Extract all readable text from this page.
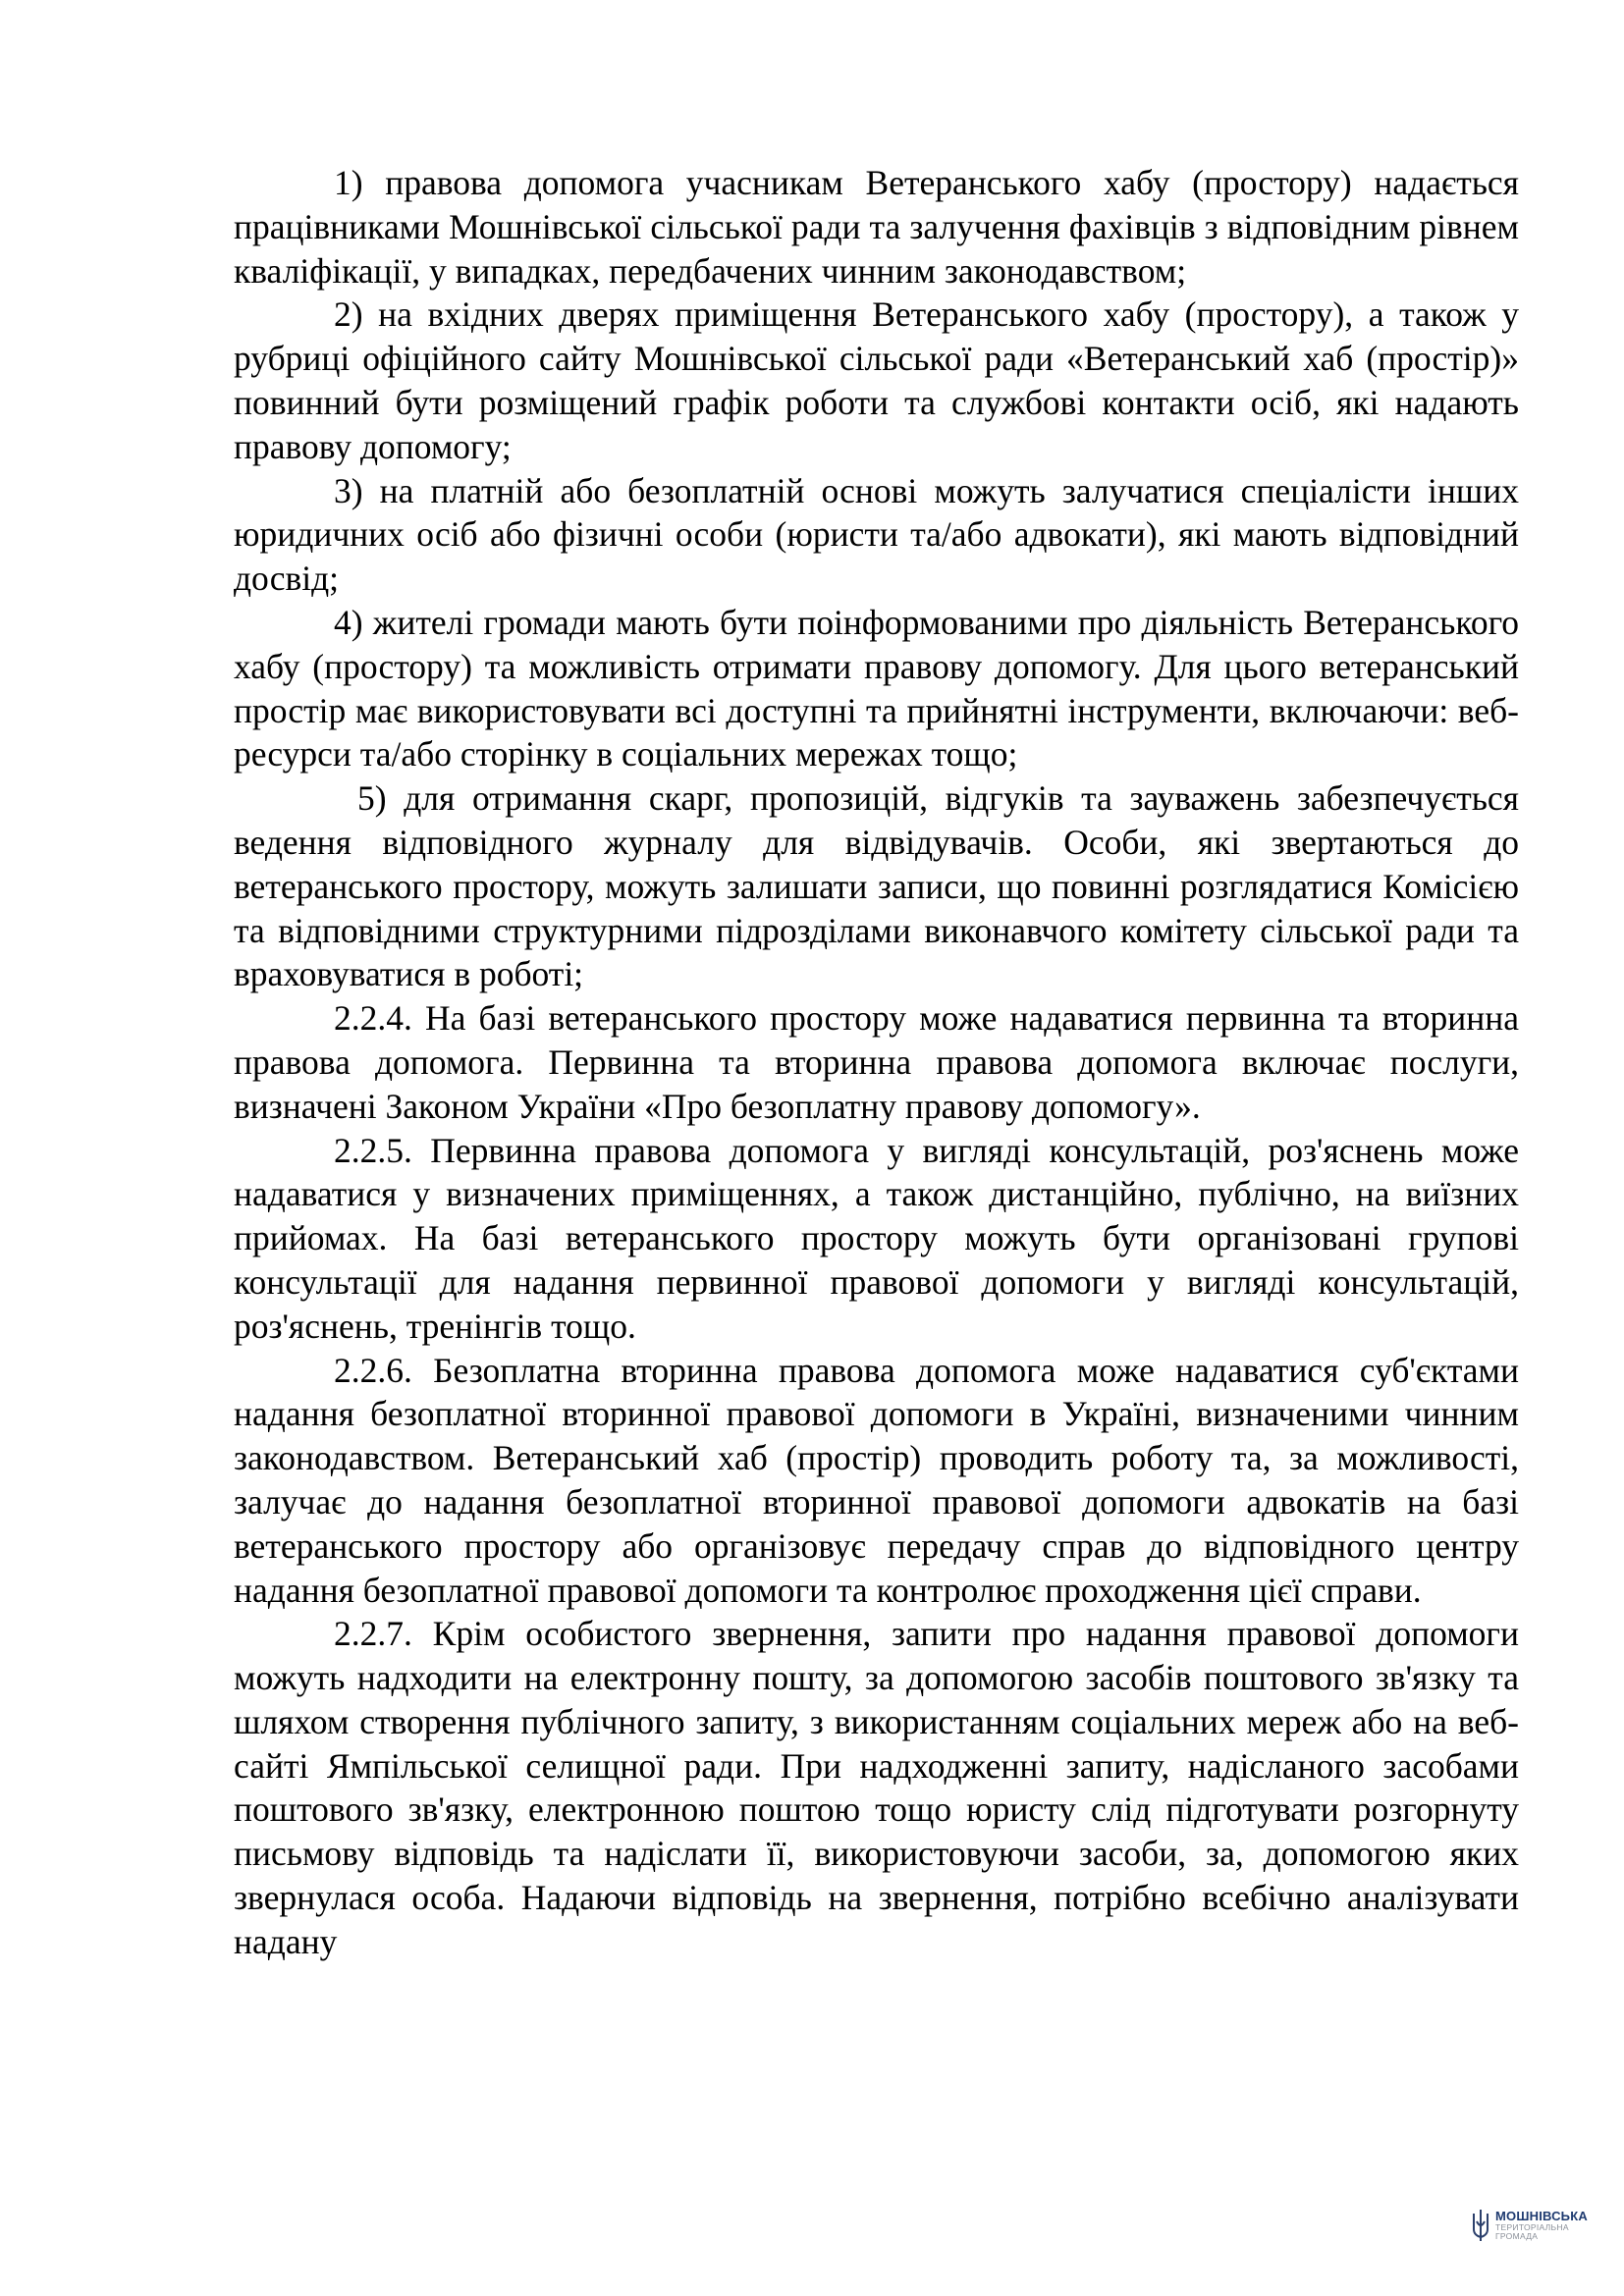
1) правова допомога учасникам Ветеранського хабу (простору) надається працівниками Мошнівської сільської ради та залучення фахівців з відповідним рівнем кваліфікації, у випадках, передбачених чинним законодавством;

2) на вхідних дверях приміщення Ветеранського хабу (простору), а також у рубриці офіційного сайту Мошнівської сільської ради «Ветеранський хаб (простір)» повинний бути розміщений графік роботи та службові контакти осіб, які надають правову допомогу;

3) на платній або безоплатній основі можуть залучатися спеціалісти інших юридичних осіб або фізичні особи (юристи та/або адвокати), які мають відповідний досвід;

4) жителі громади мають бути поінформованими про діяльність Ветеранського хабу (простору) та можливість отримати правову допомогу. Для цього ветеранський простір має використовувати всі доступні та прийнятні інструменти, включаючи: веб-ресурси та/або сторінку в соціальних мережах тощо;

5) для отримання скарг, пропозицій, відгуків та зауважень забезпечується ведення відповідного журналу для відвідувачів. Особи, які звертаються до ветеранського простору, можуть залишати записи, що повинні розглядатися Комісією та відповідними структурними підрозділами виконавчого комітету сільської ради та враховуватися в роботі;

2.2.4. На базі ветеранського простору може надаватися первинна та вторинна правова допомога. Первинна та вторинна правова допомога включає послуги, визначені Законом України «Про безоплатну правову допомогу».

2.2.5. Первинна правова допомога у вигляді консультацій, роз'яснень може надаватися у визначених приміщеннях, а також дистанційно, публічно, на виїзних прийомах. На базі ветеранського простору можуть бути організовані групові консультації для надання первинної правової допомоги у вигляді консультацій, роз'яснень, тренінгів тощо.

2.2.6. Безоплатна вторинна правова допомога може надаватися суб'єктами надання безоплатної вторинної правової допомоги в Україні, визначеними чинним законодавством. Ветеранський хаб (простір) проводить роботу та, за можливості, залучає до надання безоплатної вторинної правової допомоги адвокатів на базі ветеранського простору або організовує передачу справ до відповідного центру надання безоплатної правової допомоги та контролює проходження цієї справи.

2.2.7. Крім особистого звернення, запити про надання правової допомоги можуть надходити на електронну пошту, за допомогою засобів поштового зв'язку та шляхом створення публічного запиту, з використанням соціальних мереж або на веб-сайті Ямпільської селищної ради. При надходженні запиту, надісланого засобами поштового зв'язку, електронною поштою тощо юристу слід підготувати розгорнуту письмову відповідь та надіслати її, використовуючи засоби, за, допомогою яких звернулася особа. Надаючи відповідь на звернення, потрібно всебічно аналізувати надану

МОШНІВСЬКА
ТЕРИТОРІАЛЬНА
ГРОМАДА
